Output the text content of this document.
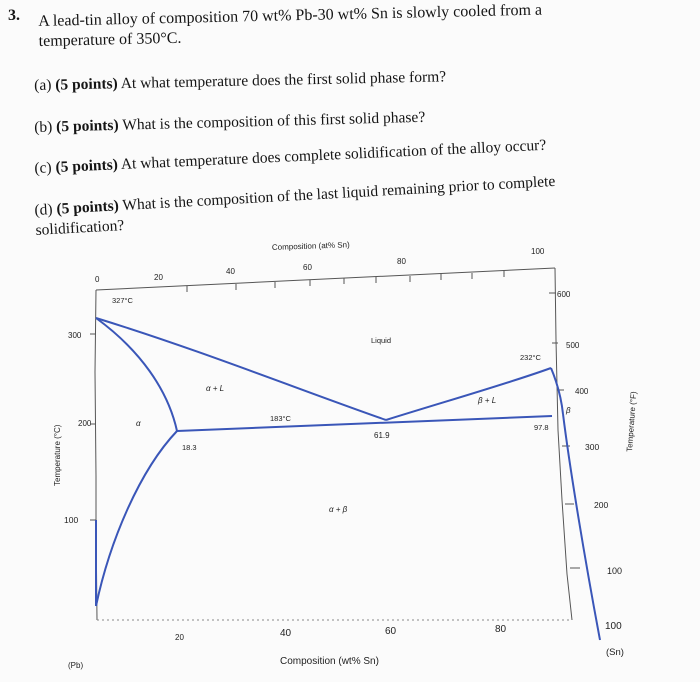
3. A lead-tin alloy of composition 70 wt% Pb-30 wt% Sn is slowly cooled from a
temperature of 350°C.
(a) (5 points) At what temperature does the first solid phase form?
(b) (5 points) What is the composition of this first solid phase?
(c) (5 points) At what temperature does complete solidification of the alloy occur?
(d) (5 points) What is the composition of the last liquid remaining prior to complete
solidification?
Composition (at% Sn)
0	20
40	60
80
100
300
200
100
Temperature (°C)
600
500
400
300
200
100
Temperature (°F)
20	40	60	80	100
Composition (wt% Sn)
(Pb)
(Sn)
327°C
232°C
183°C
18.3
61.9
97.8
Liquid
α + L
β + L
α
β
α + β
